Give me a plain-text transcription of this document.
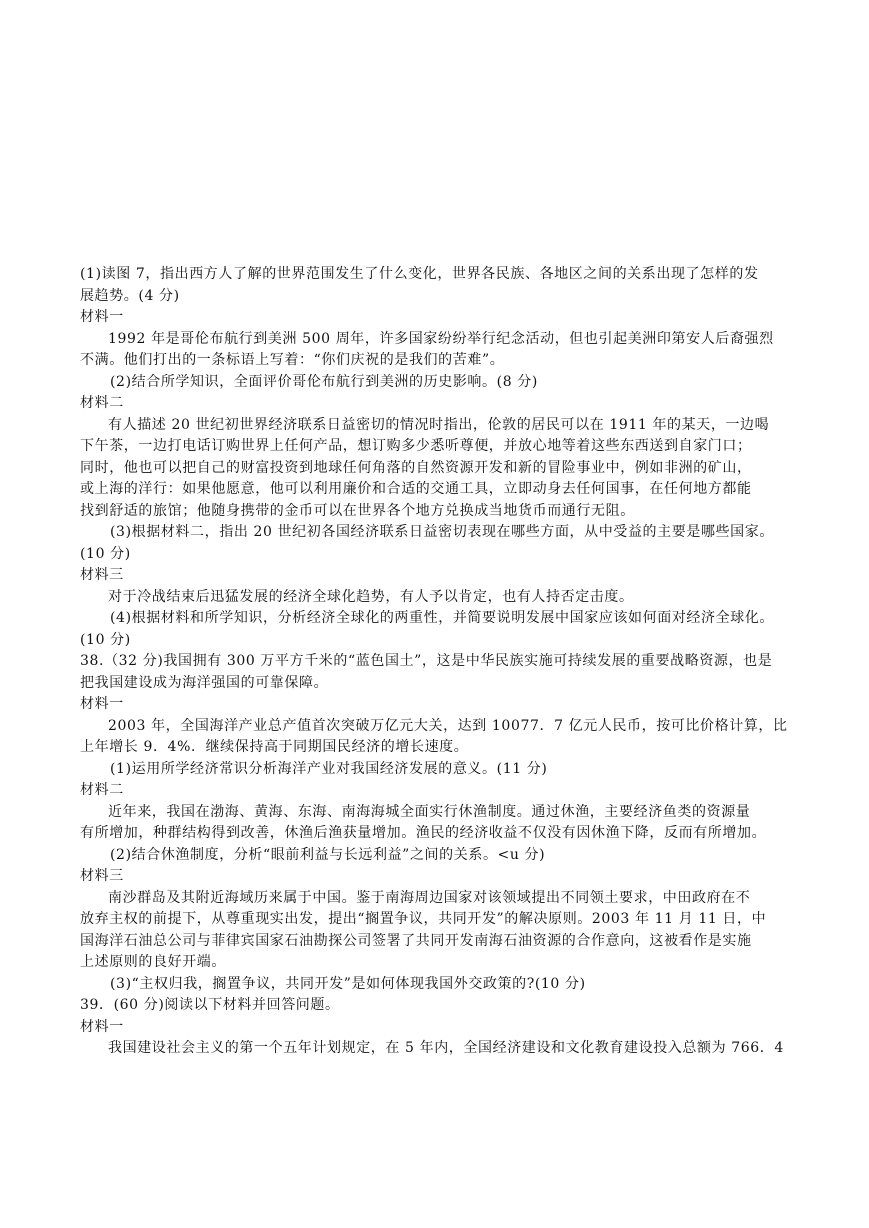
(1)读图 7，指出西方人了解的世界范围发生了什么变化，世界各民族、各地区之间的关系出现了怎样的发
展趋势。(4 分)
材料一
1992 年是哥伦布航行到美洲 500 周年，许多国家纷纷举行纪念活动，但也引起美洲印第安人后裔强烈
不满。他们打出的一条标语上写着：“你们庆祝的是我们的苦难”。
(2)结合所学知识，全面评价哥伦布航行到美洲的历史影响。(8 分)
材料二
有人描述 20 世纪初世界经济联系日益密切的情况时指出，伦敦的居民可以在 1911 年的某天，一边喝
下午茶，一边打电话订购世界上任何产品，想订购多少悉听尊便，并放心地等着这些东西送到自家门口；
同时，他也可以把自己的财富投资到地球任何角落的自然资源开发和新的冒险事业中，例如非洲的矿山，
或上海的洋行：如果他愿意，他可以利用廉价和合适的交通工具，立即动身去任何国事，在任何地方都能
找到舒适的旅馆；他随身携带的金币可以在世界各个地方兑换成当地货币而通行无阻。
(3)根据材料二，指出 20 世纪初各国经济联系日益密切表现在哪些方面，从中受益的主要是哪些国家。
(10 分)
材料三
对于冷战结束后迅猛发展的经济全球化趋势，有人予以肯定，也有人持否定击度。
(4)根据材料和所学知识，分析经济全球化的两重性，并简要说明发展中国家应该如何面对经济全球化。
(10 分)
38.（32 分)我国拥有 300 万平方千米的“蓝色国土”，这是中华民族实施可持续发展的重要战略资源，也是
把我国建设成为海洋强国的可靠保障。
材料一
2003 年，全国海洋产业总产值首次突破万亿元大关，达到 10077．7 亿元人民币，按可比价格计算，比
上年增长 9．4%．继续保持高于同期国民经济的增长速度。
(1)运用所学经济常识分析海洋产业对我国经济发展的意义。(11 分)
材料二
近年来，我国在渤海、黄海、东海、南海海城全面实行休渔制度。通过休渔，主要经济鱼类的资源量
有所增加，种群结构得到改善，休渔后渔获量增加。渔民的经济收益不仅没有因休渔下降，反而有所增加。
(2)结合休渔制度，分析“眼前利益与长远利益”之间的关系。<u 分)
材料三
南沙群岛及其附近海域历来属于中国。鉴于南海周边国家对该领域提出不同领土要求，中田政府在不
放弃主权的前提下，从尊重现实出发，提出“搁置争议，共同开发”的解决原则。2003 年 11 月 11 日，中
国海洋石油总公司与菲律宾国家石油勘探公司签署了共同开发南海石油资源的合作意向，这被看作是实施
上述原则的良好开端。
(3)“主权归我，搁置争议，共同开发”是如何体现我国外交政策的?(10 分)
39．(60 分)阅读以下材料并回答问题。
材料一
我国建设社会主义的第一个五年计划规定，在 5 年内，全国经济建设和文化教育建设投入总额为 766．4
